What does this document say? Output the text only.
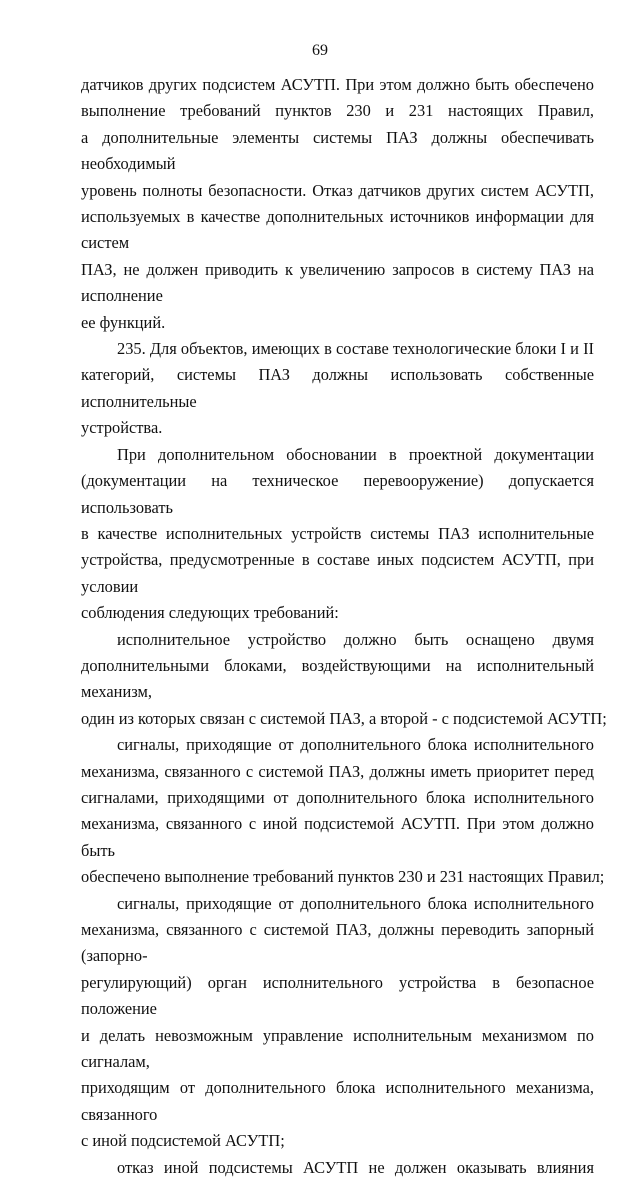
69
датчиков других подсистем АСУТП. При этом должно быть обеспечено
выполнение требований пунктов 230 и 231 настоящих Правил,
а дополнительные элементы системы ПАЗ должны обеспечивать необходимый
уровень полноты безопасности. Отказ датчиков других систем АСУТП,
используемых в качестве дополнительных источников информации для систем
ПАЗ, не должен приводить к увеличению запросов в систему ПАЗ на исполнение
ее функций.
235. Для объектов, имеющих в составе технологические блоки I и II
категорий, системы ПАЗ должны использовать собственные исполнительные
устройства.
При дополнительном обосновании в проектной документации
(документации на техническое перевооружение) допускается использовать
в качестве исполнительных устройств системы ПАЗ исполнительные
устройства, предусмотренные в составе иных подсистем АСУТП, при условии
соблюдения следующих требований:
исполнительное устройство должно быть оснащено двумя
дополнительными блоками, воздействующими на исполнительный механизм,
один из которых связан с системой ПАЗ, а второй - с подсистемой АСУТП;
сигналы, приходящие от дополнительного блока исполнительного
механизма, связанного с системой ПАЗ, должны иметь приоритет перед
сигналами, приходящими от дополнительного блока исполнительного
механизма, связанного с иной подсистемой АСУТП. При этом должно быть
обеспечено выполнение требований пунктов 230 и 231 настоящих Правил;
сигналы, приходящие от дополнительного блока исполнительного
механизма, связанного с системой ПАЗ, должны переводить запорный (запорно-
регулирующий) орган исполнительного устройства в безопасное положение
и делать невозможным управление исполнительным механизмом по сигналам,
приходящим от дополнительного блока исполнительного механизма, связанного
с иной подсистемой АСУТП;
отказ иной подсистемы АСУТП не должен оказывать влияния
